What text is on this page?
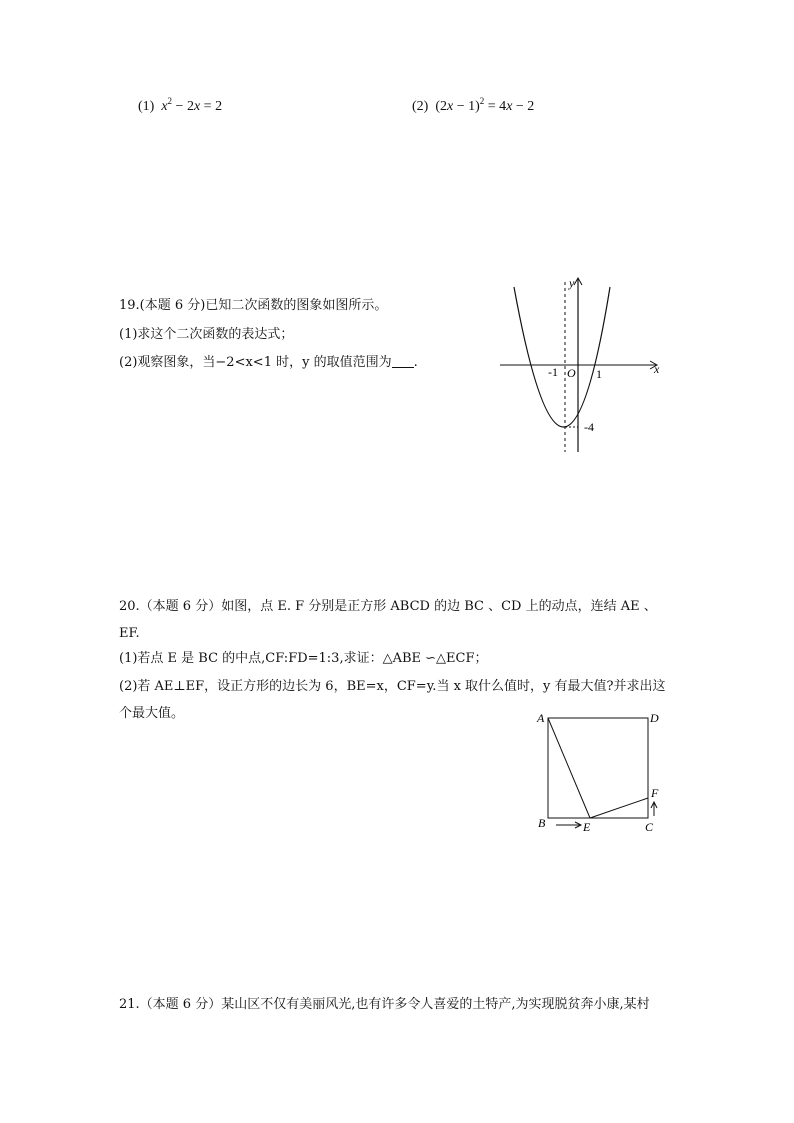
(1) $x^2 - 2x = 2$	(2)  $(2x - 1)^2 = 4x - 2$
19.(本题 6 分)已知二次函数的图象如图所示。
(1)求这个二次函数的表达式；
(2)观察图象，当−2<x<1 时，y 的取值范围为 .
y
x
O
-1	1
-4
20.（本题 6 分）如图，点 E. F 分别是正方形 ABCD 的边 BC 、CD 上的动点，连结 AE 、
EF.
(1)若点 E 是 BC 的中点,CF:FD=1:3,求证：△ABE ∽△ECF；
(2)若 AE⊥EF，设正方形的边长为 6，BE=x，CF=y.当 x 取什么值时，y 有最大值?并求出这
个最大值。	A	D
B	E	C
F
21.（本题 6 分）某山区不仅有美丽风光,也有许多令人喜爱的土特产,为实现脱贫奔小康,某村
